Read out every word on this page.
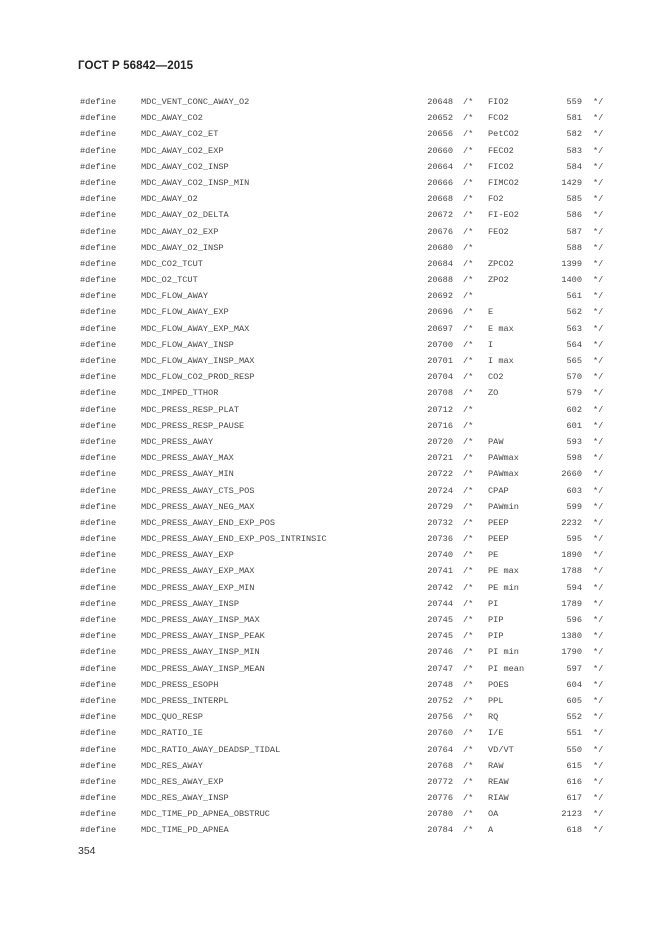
ГОСТ Р 56842—2015
#define	MDC_VENT_CONC_AWAY_O2	20648 /* FIO2	559 */
#define	MDC_AWAY_CO2	20652 /* FCO2	581 */
#define	MDC_AWAY_CO2_ET	20656 /* PetCO2	582 */
#define	MDC_AWAY_CO2_EXP	20660 /* FECO2	583 */
#define	MDC_AWAY_CO2_INSP	20664 /* FICO2	584 */
#define	MDC_AWAY_CO2_INSP_MIN	20666 /* FIMCO2	1429 */
#define	MDC_AWAY_O2	20668 /* FO2	585 */
#define	MDC_AWAY_O2_DELTA	20672 /* FI-EO2	586 */
#define	MDC_AWAY_O2_EXP	20676 /* FEO2	587 */
#define	MDC_AWAY_O2_INSP	20680 /*	588 */
#define	MDC_CO2_TCUT	20684 /* ZPCO2	1399 */
#define	MDC_O2_TCUT	20688 /* ZPO2	1400 */
#define	MDC_FLOW_AWAY	20692 /*	561 */
#define	MDC_FLOW_AWAY_EXP	20696 /* E	562 */
#define	MDC_FLOW_AWAY_EXP_MAX	20697 /* E max	563 */
#define	MDC_FLOW_AWAY_INSP	20700 /* I	564 */
#define	MDC_FLOW_AWAY_INSP_MAX	20701 /* I max	565 */
#define	MDC_FLOW_CO2_PROD_RESP	20704 /* CO2	570 */
#define	MDC_IMPED_TTHOR	20708 /* ZO	579 */
#define	MDC_PRESS_RESP_PLAT	20712 /*	602 */
#define	MDC_PRESS_RESP_PAUSE	20716 /*	601 */
#define	MDC_PRESS_AWAY	20720 /* PAW	593 */
#define	MDC_PRESS_AWAY_MAX	20721 /* PAWmax	598 */
#define	MDC_PRESS_AWAY_MIN	20722 /* PAWmax	2660 */
#define	MDC_PRESS_AWAY_CTS_POS	20724 /* CPAP	603 */
#define	MDC_PRESS_AWAY_NEG_MAX	20729 /* PAWmin	599 */
#define	MDC_PRESS_AWAY_END_EXP_POS	20732 /* PEEP	2232 */
#define	MDC_PRESS_AWAY_END_EXP_POS_INTRINSIC	20736 /* PEEP	595 */
#define	MDC_PRESS_AWAY_EXP	20740 /* PE	1890 */
#define	MDC_PRESS_AWAY_EXP_MAX	20741 /* PE max	1788 */
#define	MDC_PRESS_AWAY_EXP_MIN	20742 /* PE min	594 */
#define	MDC_PRESS_AWAY_INSP	20744 /* PI	1789 */
#define	MDC_PRESS_AWAY_INSP_MAX	20745 /* PIP	596 */
#define	MDC_PRESS_AWAY_INSP_PEAK	20745 /* PIP	1380 */
#define	MDC_PRESS_AWAY_INSP_MIN	20746 /* PI min	1790 */
#define	MDC_PRESS_AWAY_INSP_MEAN	20747 /* PI mean	597 */
#define	MDC_PRESS_ESOPH	20748 /* POES	604 */
#define	MDC_PRESS_INTERPL	20752 /* PPL	605 */
#define	MDC_QUO_RESP	20756 /* RQ	552 */
#define	MDC_RATIO_IE	20760 /* I/E	551 */
#define	MDC_RATIO_AWAY_DEADSP_TIDAL	20764 /* VD/VT	550 */
#define	MDC_RES_AWAY	20768 /* RAW	615 */
#define	MDC_RES_AWAY_EXP	20772 /* REAW	616 */
#define	MDC_RES_AWAY_INSP	20776 /* RIAW	617 */
#define	MDC_TIME_PD_APNEA_OBSTRUC	20780 /* OA	2123 */
#define	MDC_TIME_PD_APNEA	20784 /* A	618 */
354
